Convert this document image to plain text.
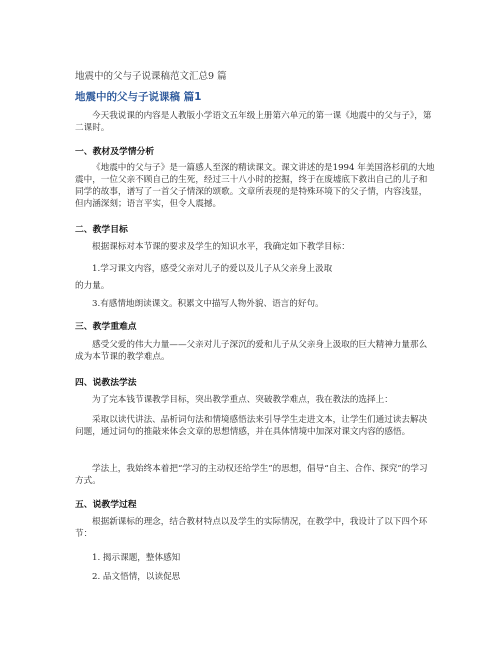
地震中的父与子说课稿范文汇总9 篇
地震中的父与子说课稿 篇1
今天我说课的内容是人教版小学语文五年级上册第六单元的第一课《地震中的父与子》，第二课时。
一、教材及学情分析
《地震中的父与子》是一篇感人至深的精读课文。课文讲述的是1994 年美国洛杉矶的大地震中，一位父亲不顾自己的生死，经过三十八小时的挖掘，终于在废墟底下救出自己的儿子和同学的故事，谱写了一首父子情深的颂歌。文章所表现的是特殊环境下的父子情，内容浅显，但内涵深刻；语言平实，但令人震撼。
二、教学目标
根据课标对本节课的要求及学生的知识水平，我确定如下教学目标：
1.学习课文内容，感受父亲对儿子的爱以及儿子从父亲身上汲取
的力量。
3.有感情地朗读课文。积累文中描写人物外貌、语言的好句。
三、教学重难点
感受父爱的伟大力量——父亲对儿子深沉的爱和儿子从父亲身上汲取的巨大精神力量那么成为本节课的教学难点。
四、说教法学法
为了完本钱节课教学目标，突出教学重点、突破教学难点，我在教法的选择上：
采取以读代讲法、品析词句法和情境感悟法来引导学生走进文本，让学生们通过读去解决问题，通过词句的推敲来体会文章的思想情感，并在具体情境中加深对课文内容的感悟。
学法上，我始终本着把“学习的主动权还给学生”的思想，倡导“自主、合作、探究”的学习方式。
五、说教学过程
根据新课标的理念，结合教材特点以及学生的实际情况，在教学中，我设计了以下四个环节：
1. 揭示课题，整体感知
2. 品文悟情，以读促思
